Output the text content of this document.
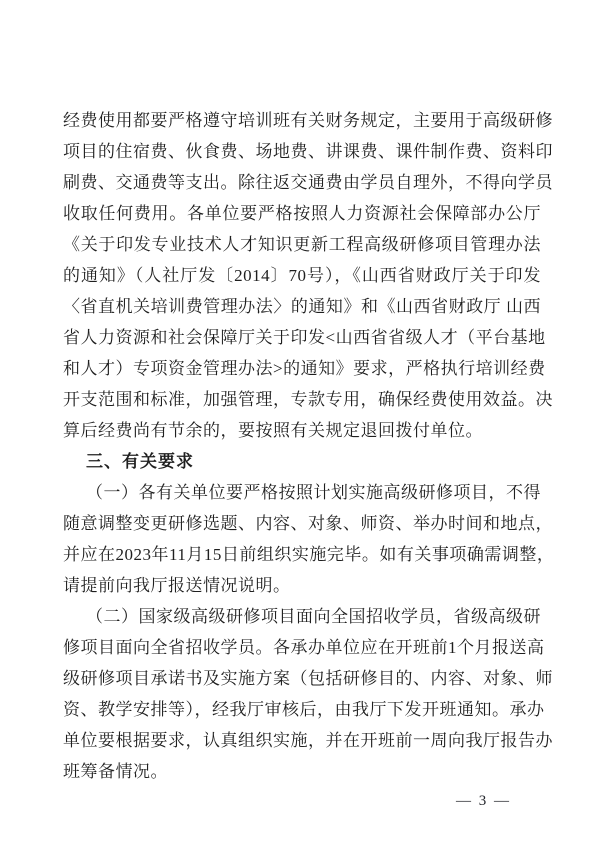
经费使用都要严格遵守培训班有关财务规定，主要用于高级研修
项目的住宿费、伙食费、场地费、讲课费、课件制作费、资料印
刷费、交通费等支出。除往返交通费由学员自理外，不得向学员
收取任何费用。各单位要严格按照人力资源社会保障部办公厅
《关于印发专业技术人才知识更新工程高级研修项目管理办法
的通知》（人社厅发〔2014〕70号），《山西省财政厅关于印发
〈省直机关培训费管理办法〉的通知》和《山西省财政厅 山西
省人力资源和社会保障厅关于印发<山西省省级人才（平台基地
和人才）专项资金管理办法>的通知》要求，严格执行培训经费
开支范围和标准，加强管理，专款专用，确保经费使用效益。决
算后经费尚有节余的，要按照有关规定退回拨付单位。
三、有关要求
（一）各有关单位要严格按照计划实施高级研修项目，不得
随意调整变更研修选题、内容、对象、师资、举办时间和地点，
并应在2023年11月15日前组织实施完毕。如有关事项确需调整，
请提前向我厅报送情况说明。
（二）国家级高级研修项目面向全国招收学员，省级高级研
修项目面向全省招收学员。各承办单位应在开班前1个月报送高
级研修项目承诺书及实施方案（包括研修目的、内容、对象、师
资、教学安排等），经我厅审核后，由我厅下发开班通知。承办
单位要根据要求，认真组织实施，并在开班前一周向我厅报告办
班筹备情况。
— 3 —
